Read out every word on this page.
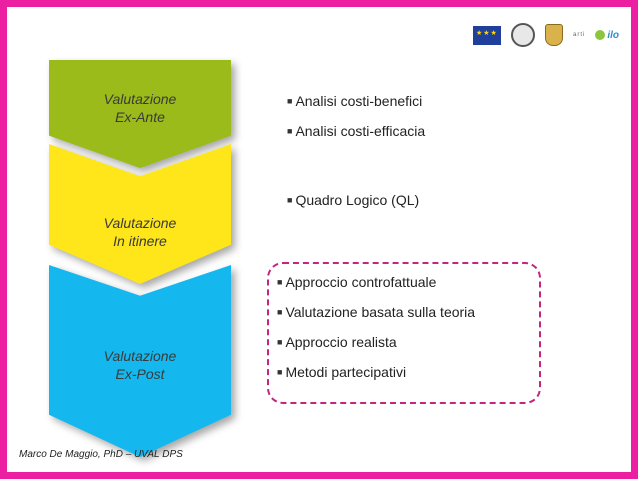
★★★
arti ilo
Valutazione
Ex-Ante
Valutazione
In itinere
Valutazione
Ex-Post
■ Analisi costi-benefici
■ Analisi costi-efficacia
■ Quadro Logico (QL)
■ Approccio controfattuale
■ Valutazione basata sulla teoria
■ Approccio realista
■ Metodi partecipativi
Marco De Maggio, PhD – UVAL DPS
